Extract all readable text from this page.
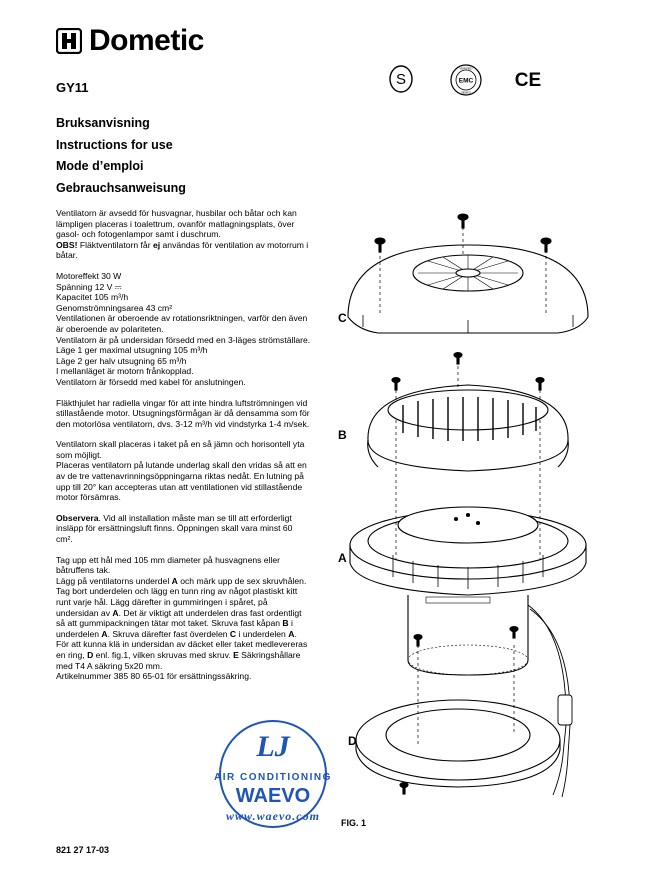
Dometic
GY11
Bruksanvisning
Instructions for use
Mode d’emploi
Gebrauchsanweisung
S	EMC
VERIFIED
SEMKO
CE

Ventilatorn är avsedd för husvagnar, husbilar och båtar och kan lämpligen placeras i toalettrum, ovanför matlagningsplats, över gasol- och fotogenlampor samt i duschrum.
OBS! Fläktventilatorn får ej användas för ventilation av motorrum i båtar.

Motoreffekt 30 W
Spänning 12 V ⎓
Kapacitet 105 m³/h
Genomströmningsarea 43 cm²
Ventilationen är oberoende av rotationsriktningen, varför den även är oberoende av polariteten.
Ventilatorn är på undersidan försedd med en 3-läges strömställare.
Läge 1 ger maximal utsugning 105 m³/h
Läge 2 ger halv utsugning 65 m³/h
I mellanläget är motorn frånkopplad.
Ventilatorn är försedd med kabel för anslutningen.

Fläkthjulet har radiella vingar för att inte hindra luftströmningen vid stillastående motor. Utsugningsförmågan är då densamma som för den motorlösa ventilatorn, dvs. 3-12 m³/h vid vindstyrka 1-4 m/sek.

Ventilatorn skall placeras i taket på en så jämn och horisontell yta som möjligt.
Placeras ventilatorn på lutande underlag skall den vridas så att en av de tre vattenavrinningsöppningarna riktas nedåt. En lutning på upp till 20° kan accepteras utan att ventilationen vid stillastående motor försämras.

Observera. Vid all installation måste man se till att erforderligt insläpp för ersättningsluft finns. Öppningen skall vara minst 60 cm².

Tag upp ett hål med 105 mm diameter på husvagnens eller båtruffens tak.
Lägg på ventilatorns underdel A och märk upp de sex skruvhålen.
Tag bort underdelen och lägg en tunn ring av något plastiskt kitt runt varje hål. Lägg därefter in gummiringen i spåret, på undersidan av A. Det är viktigt att underdelen dras fast ordentligt så att gummipackningen tätar mot taket. Skruva fast kåpan B i underdelen A. Skruva därefter fast överdelen C i underdelen A.
För att kunna klä in undersidan av däcket eller taket medlevereras en ring, D enl. fig.1, vilken skruvas med skruv. E Säkringshållare med T4 A säkring 5x20 mm.
Artikelnummer 385 80 65-01 för ersättningssäkring.

C
B
A
D
LJ
AIR CONDITIONING
WAEVO
www.waevo.com FIG. 1
821 27 17-03
